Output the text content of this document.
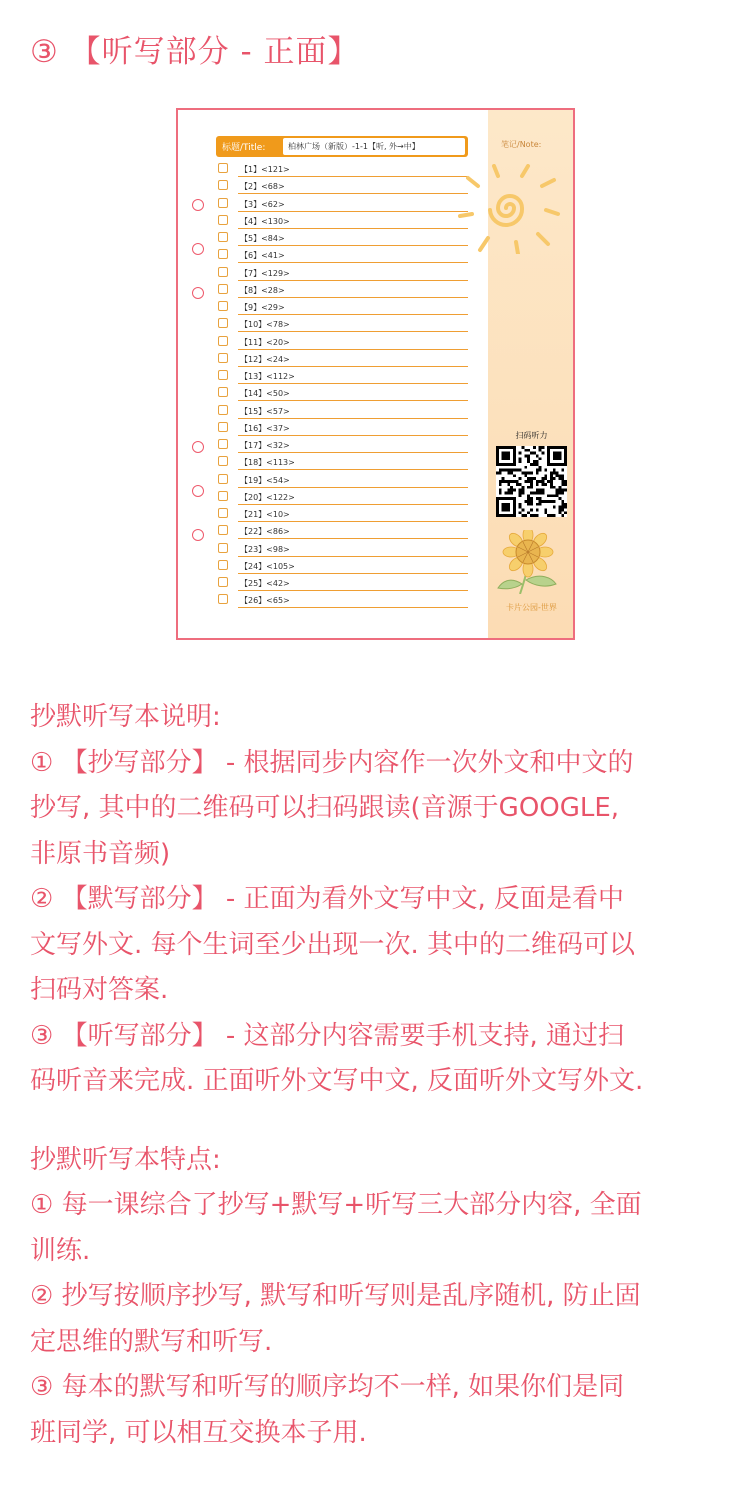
③ 【听写部分 - 正面】
标题/Title:	柏林广场（新版）-1-1【听, 外→中】
【1】<121>
【2】<68>
【3】<62>
【4】<130>
【5】<84>
【6】<41>
【7】<129>
【8】<28>
【9】<29>
【10】<78>
【11】<20>
【12】<24>
【13】<112>
【14】<50>
【15】<57>
【16】<37>
【17】<32>
【18】<113>
【19】<54>
【20】<122>
【21】<10>
【22】<86>
【23】<98>
【24】<105>
【25】<42>
【26】<65>
笔记/Note:
扫码听力
卡片公园-世界

抄默听写本说明:

① 【抄写部分】 - 根据同步内容作一次外文和中文的
抄写, 其中的二维码可以扫码跟读(音源于GOOGLE,
非原书音频)

② 【默写部分】 - 正面为看外文写中文, 反面是看中
文写外文. 每个生词至少出现一次. 其中的二维码可以
扫码对答案.

③ 【听写部分】 - 这部分内容需要手机支持, 通过扫
码听音来完成. 正面听外文写中文, 反面听外文写外文.

抄默听写本特点:

① 每一课综合了抄写+默写+听写三大部分内容, 全面
训练.

② 抄写按顺序抄写, 默写和听写则是乱序随机, 防止固
定思维的默写和听写.

③ 每本的默写和听写的顺序均不一样, 如果你们是同
班同学, 可以相互交换本子用.
